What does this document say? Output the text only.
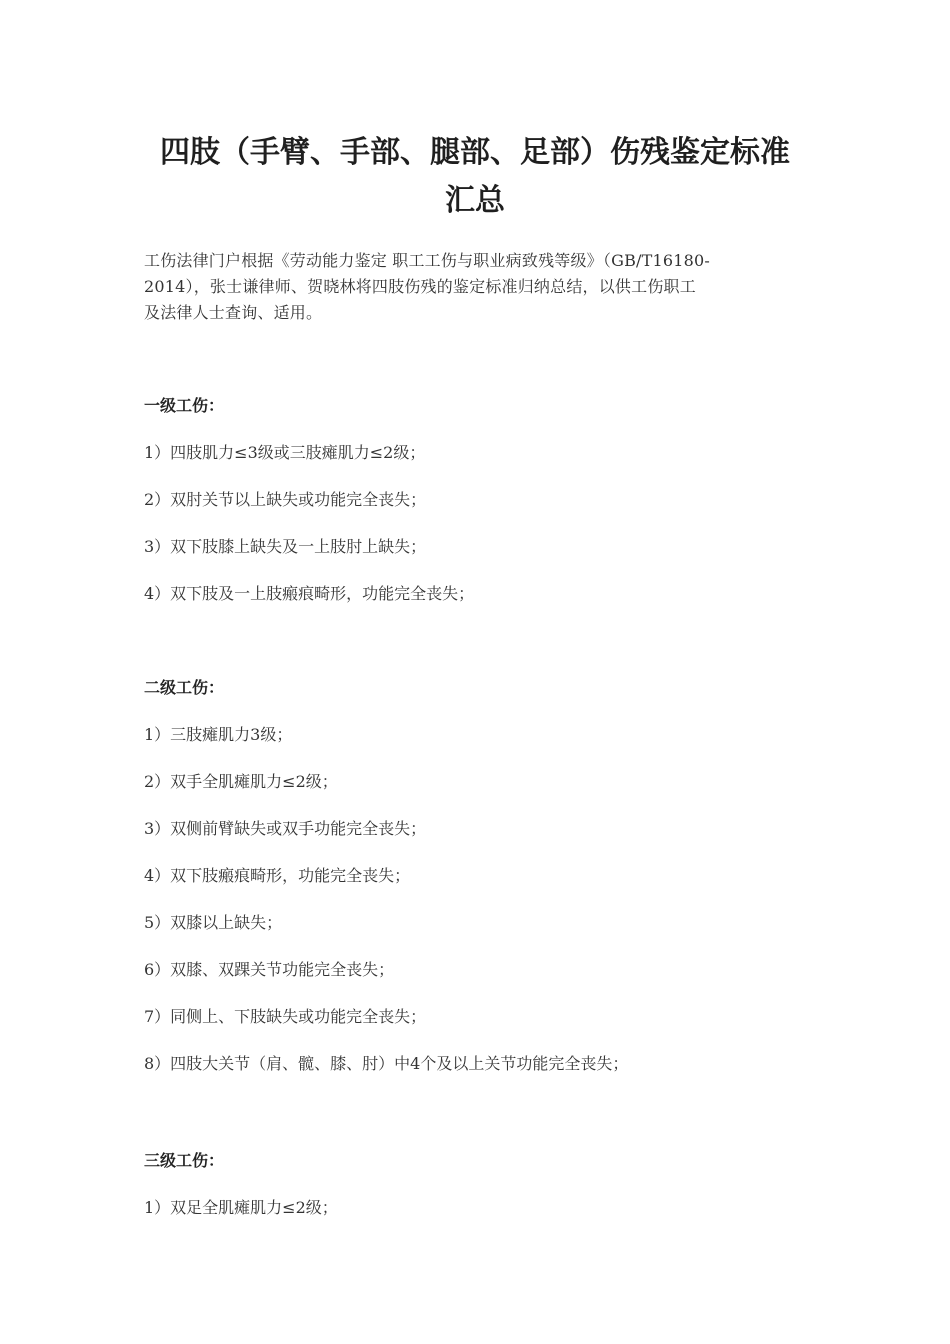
四肢（手臂、手部、腿部、足部）伤残鉴定标准
汇总
工伤法律门户根据《劳动能力鉴定 职工工伤与职业病致残等级》（GB/T16180-
2014），张士谦律师、贺晓林将四肢伤残的鉴定标准归纳总结，以供工伤职工
及法律人士查询、适用。
一级工伤：
1）四肢肌力≤3级或三肢瘫肌力≤2级；
2）双肘关节以上缺失或功能完全丧失；
3）双下肢膝上缺失及一上肢肘上缺失；
4）双下肢及一上肢瘢痕畸形，功能完全丧失；
二级工伤：
1）三肢瘫肌力3级；
2）双手全肌瘫肌力≤2级；
3）双侧前臂缺失或双手功能完全丧失；
4）双下肢瘢痕畸形，功能完全丧失；
5）双膝以上缺失；
6）双膝、双踝关节功能完全丧失；
7）同侧上、下肢缺失或功能完全丧失；
8）四肢大关节（肩、髋、膝、肘）中4个及以上关节功能完全丧失；
三级工伤：
1）双足全肌瘫肌力≤2级；
